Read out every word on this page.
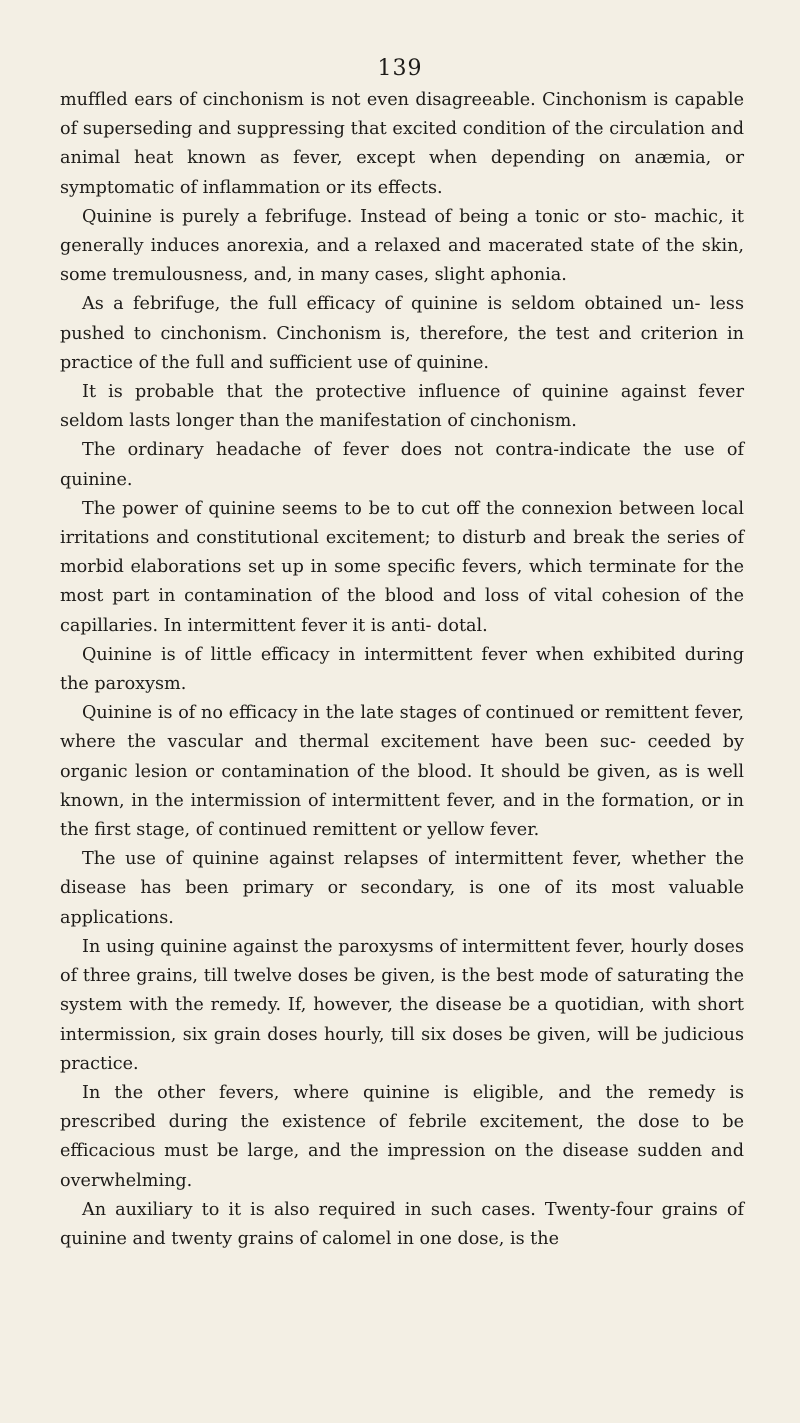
139

muffled ears of cinchonism is not even disagreeable. Cinchonism is capable of superseding and suppressing that excited condition of the circulation and animal heat known as fever, except when depending on anæmia, or symptomatic of inflammation or its effects.

Quinine is purely a febrifuge. Instead of being a tonic or sto- machic, it generally induces anorexia, and a relaxed and macerated state of the skin, some tremulousness, and, in many cases, slight aphonia.

As a febrifuge, the full efficacy of quinine is seldom obtained un- less pushed to cinchonism. Cinchonism is, therefore, the test and criterion in practice of the full and sufficient use of quinine.

It is probable that the protective influence of quinine against fever seldom lasts longer than the manifestation of cinchonism.

The ordinary headache of fever does not contra-indicate the use of quinine.

The power of quinine seems to be to cut off the connexion between local irritations and constitutional excitement; to disturb and break the series of morbid elaborations set up in some specific fevers, which terminate for the most part in contamination of the blood and loss of vital cohesion of the capillaries. In intermittent fever it is anti- dotal.

Quinine is of little efficacy in intermittent fever when exhibited during the paroxysm.

Quinine is of no efficacy in the late stages of continued or remittent fever, where the vascular and thermal excitement have been suc- ceeded by organic lesion or contamination of the blood. It should be given, as is well known, in the intermission of intermittent fever, and in the formation, or in the first stage, of continued remittent or yellow fever.

The use of quinine against relapses of intermittent fever, whether the disease has been primary or secondary, is one of its most valuable applications.

In using quinine against the paroxysms of intermittent fever, hourly doses of three grains, till twelve doses be given, is the best mode of saturating the system with the remedy. If, however, the disease be a quotidian, with short intermission, six grain doses hourly, till six doses be given, will be judicious practice.

In the other fevers, where quinine is eligible, and the remedy is prescribed during the existence of febrile excitement, the dose to be efficacious must be large, and the impression on the disease sudden and overwhelming.

An auxiliary to it is also required in such cases. Twenty-four grains of quinine and twenty grains of calomel in one dose, is the
